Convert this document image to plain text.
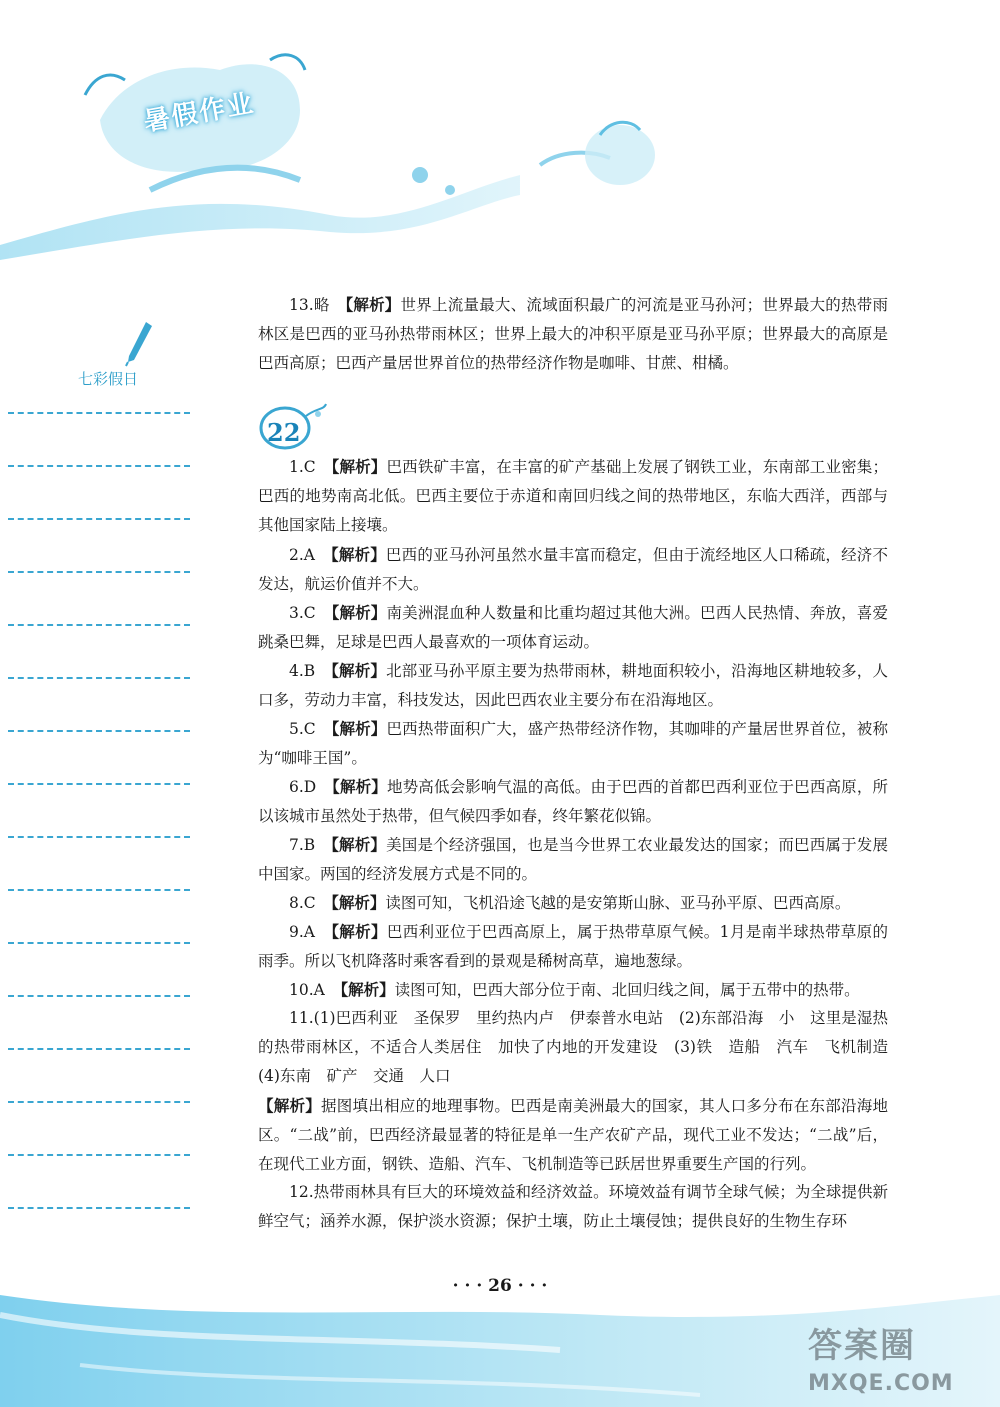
暑假作业
七彩假日
22
13.略　【解析】世界上流量最大、流域面积最广的河流是亚马孙河；世界最大的热带雨林区是巴西的亚马孙热带雨林区；世界上最大的冲积平原是亚马孙平原；世界最大的高原是巴西高原；巴西产量居世界首位的热带经济作物是咖啡、甘蔗、柑橘。
1.C　【解析】巴西铁矿丰富，在丰富的矿产基础上发展了钢铁工业，东南部工业密集；巴西的地势南高北低。巴西主要位于赤道和南回归线之间的热带地区，东临大西洋，西部与其他国家陆上接壤。
2.A　【解析】巴西的亚马孙河虽然水量丰富而稳定，但由于流经地区人口稀疏，经济不发达，航运价值并不大。
3.C　【解析】南美洲混血种人数量和比重均超过其他大洲。巴西人民热情、奔放，喜爱跳桑巴舞，足球是巴西人最喜欢的一项体育运动。
4.B　【解析】北部亚马孙平原主要为热带雨林，耕地面积较小，沿海地区耕地较多，人口多，劳动力丰富，科技发达，因此巴西农业主要分布在沿海地区。
5.C　【解析】巴西热带面积广大，盛产热带经济作物，其咖啡的产量居世界首位，被称为“咖啡王国”。
6.D　【解析】地势高低会影响气温的高低。由于巴西的首都巴西利亚位于巴西高原，所以该城市虽然处于热带，但气候四季如春，终年繁花似锦。
7.B　【解析】美国是个经济强国，也是当今世界工农业最发达的国家；而巴西属于发展中国家。两国的经济发展方式是不同的。
8.C　【解析】读图可知，飞机沿途飞越的是安第斯山脉、亚马孙平原、巴西高原。
9.A　【解析】巴西利亚位于巴西高原上，属于热带草原气候。1月是南半球热带草原的雨季。所以飞机降落时乘客看到的景观是稀树高草，遍地葱绿。
10.A　【解析】读图可知，巴西大部分位于南、北回归线之间，属于五带中的热带。
11.(1)巴西利亚　圣保罗　里约热内卢　伊泰普水电站　(2)东部沿海　小　这里是湿热的热带雨林区，不适合人类居住　加快了内地的开发建设　(3)铁　造船　汽车　飞机制造　(4)东南　矿产　交通　人口
【解析】据图填出相应的地理事物。巴西是南美洲最大的国家，其人口多分布在东部沿海地区。“二战”前，巴西经济最显著的特征是单一生产农矿产品，现代工业不发达；“二战”后，在现代工业方面，钢铁、造船、汽车、飞机制造等已跃居世界重要生产国的行列。
12.热带雨林具有巨大的环境效益和经济效益。环境效益有调节全球气候；为全球提供新鲜空气；涵养水源，保护淡水资源；保护土壤，防止土壤侵蚀；提供良好的生物生存环
· · · 26 · · ·
答案圈
MXQE.COM
